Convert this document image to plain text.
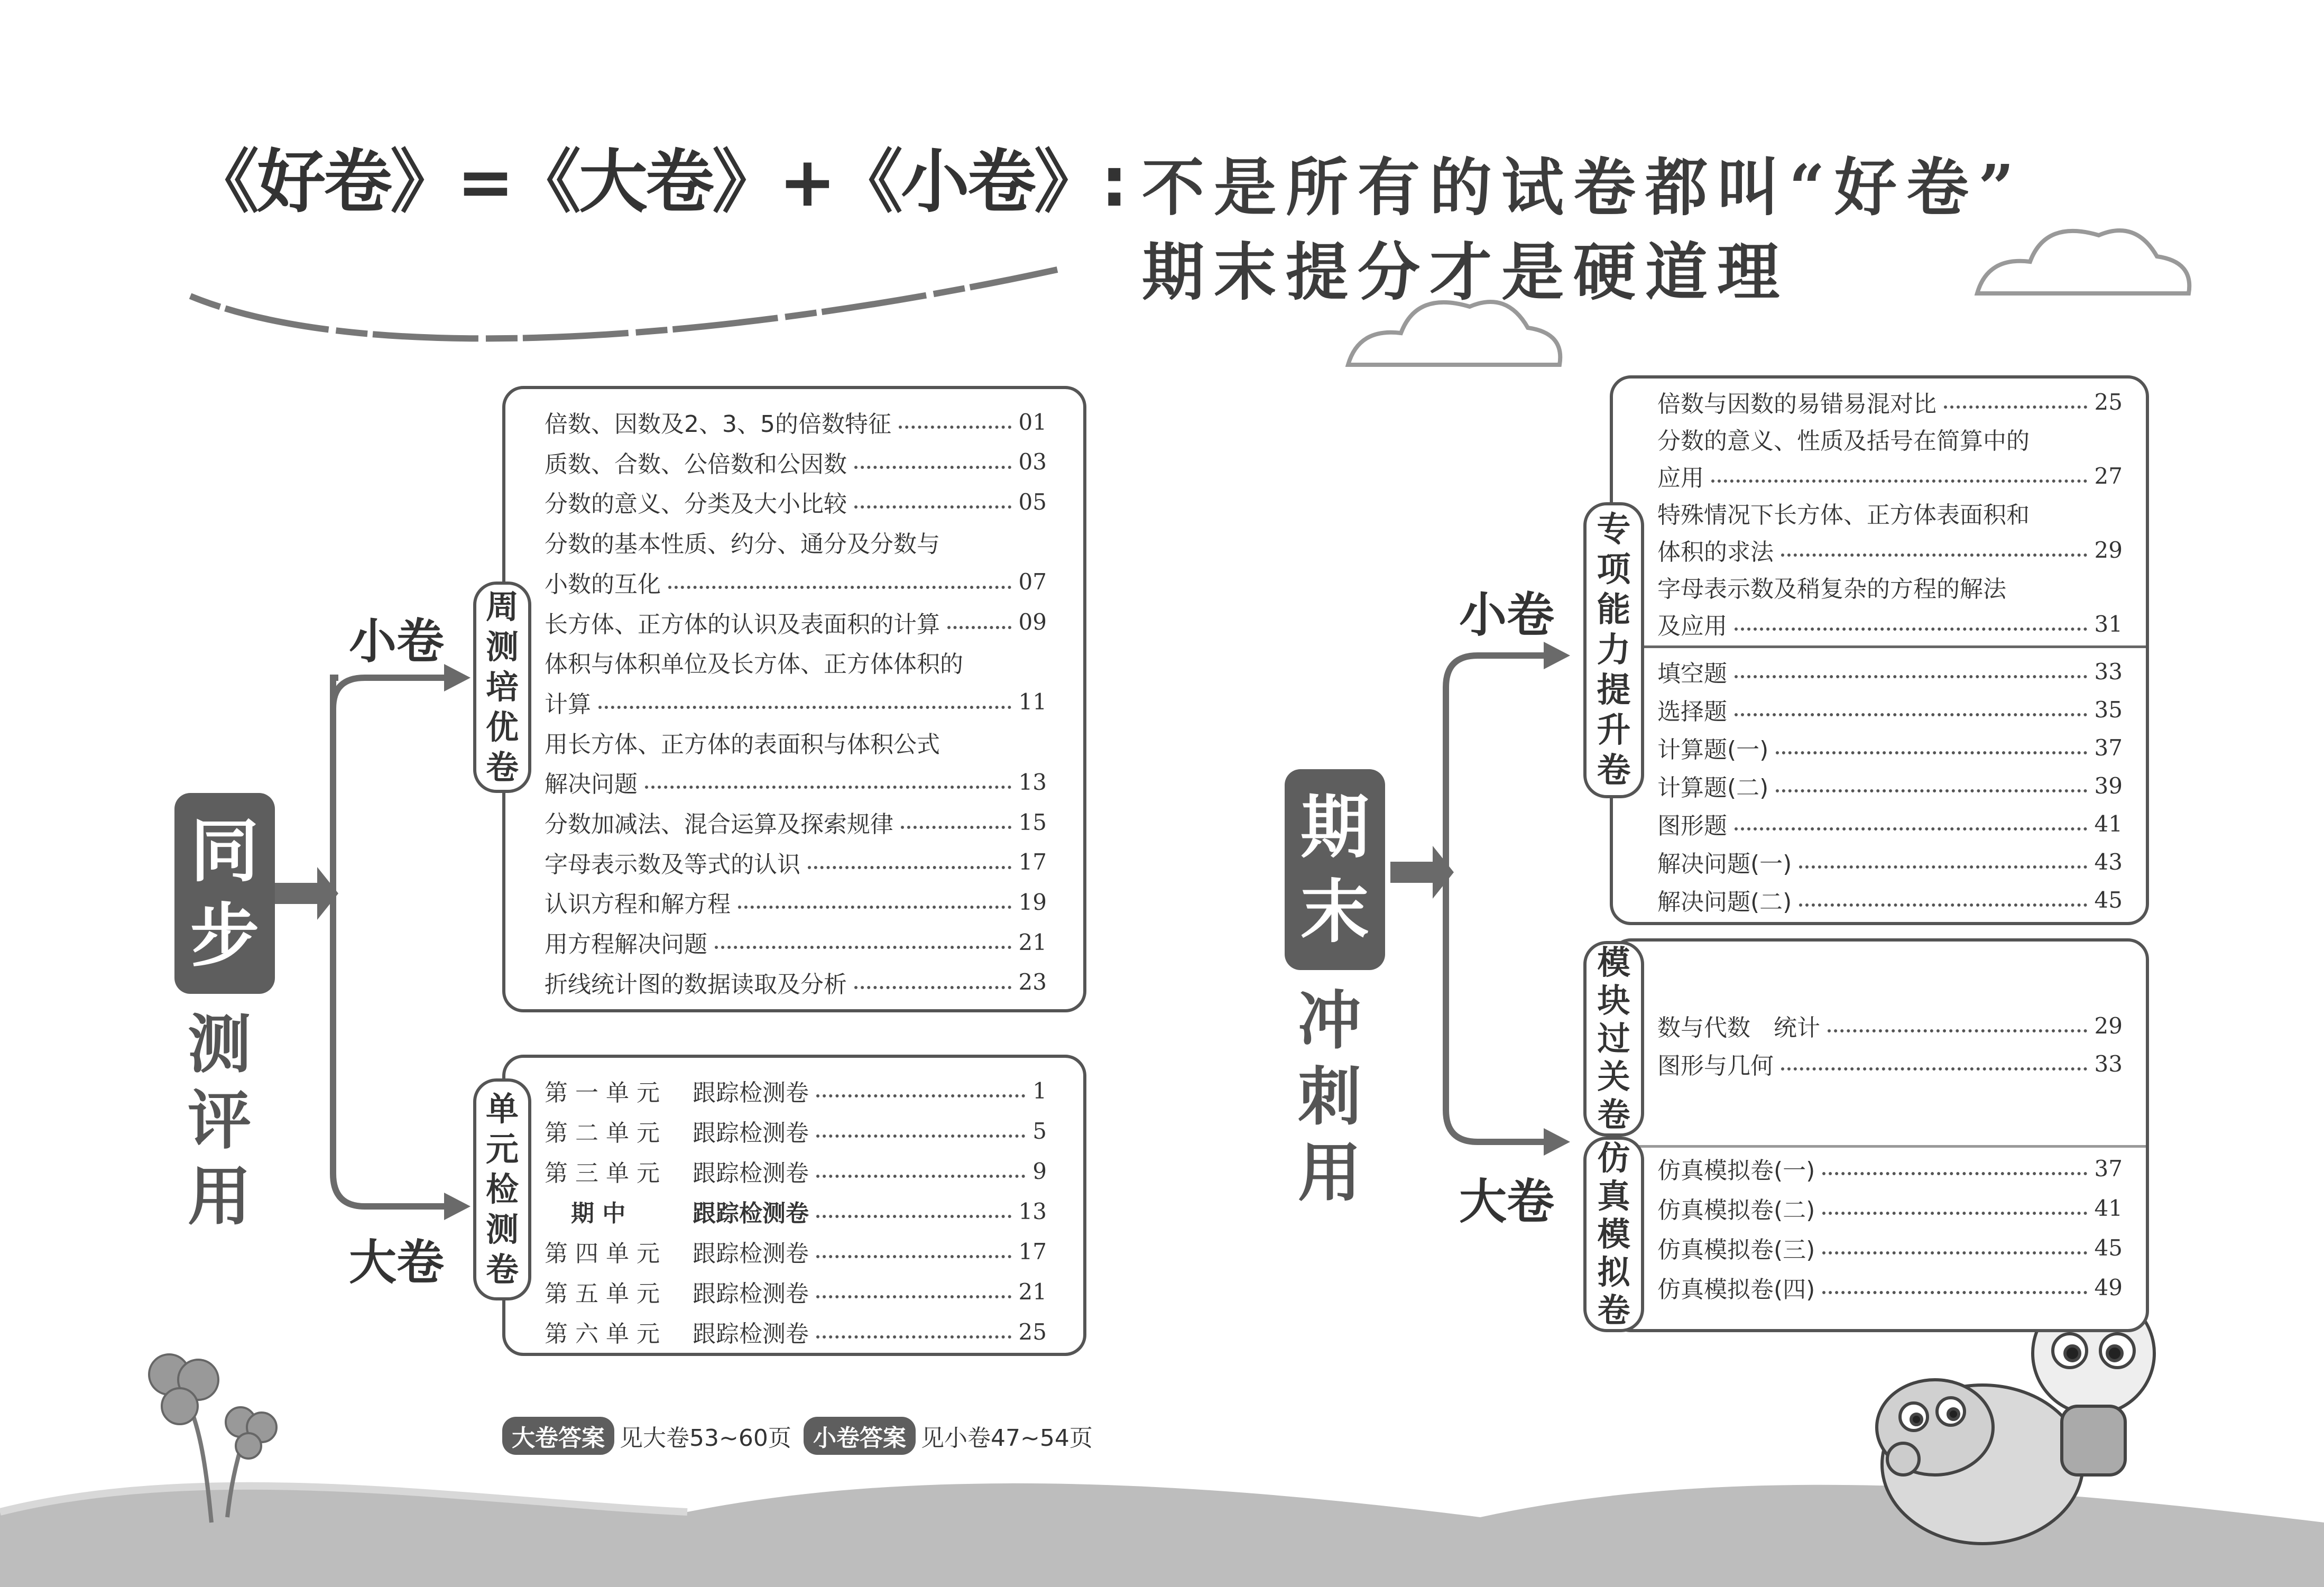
《好卷》=《大卷》+《小卷》: 不是所有的试卷都叫“好卷”
期末提分才是硬道理
同
步
测
评
用
小卷
大卷
周
测
培
优
卷
倍数、因数及2、3、5的倍数特征	01
质数、合数、公倍数和公因数	03
分数的意义、分类及大小比较	05
分数的基本性质、约分、通分及分数与
小数的互化	07
长方体、正方体的认识及表面积的计算	09
体积与体积单位及长方体、正方体体积的
计算	11
用长方体、正方体的表面积与体积公式
解决问题	13
分数加减法、混合运算及探索规律	15
字母表示数及等式的认识	17
认识方程和解方程	19
用方程解决问题	21
折线统计图的数据读取及分析	23
单
元
检
测
卷
第 一 单 元	跟踪检测卷	1
第 二 单 元	跟踪检测卷	5
第 三 单 元	跟踪检测卷	9
期 中	跟踪检测卷	13
第 四 单 元	跟踪检测卷	17
第 五 单 元	跟踪检测卷	21
第 六 单 元	跟踪检测卷	25
期
末
冲
刺
用
小卷
大卷
专
项
能
力
提
升
卷
倍数与因数的易错易混对比	25
分数的意义、性质及括号在简算中的
应用	27
特殊情况下长方体、正方体表面积和
体积的求法	29
字母表示数及稍复杂的方程的解法
及应用	31
填空题	33
选择题	35
计算题(一)	37
计算题(二)	39
图形题	41
解决问题(一)	43
解决问题(二)	45
模
块
过
关
卷
仿
真
模
拟
卷
数与代数　统计	29
图形与几何	33
仿真模拟卷(一)	37
仿真模拟卷(二)	41
仿真模拟卷(三)	45
仿真模拟卷(四)	49
大卷答案 见大卷53~60页 小卷答案 见小卷47~54页
